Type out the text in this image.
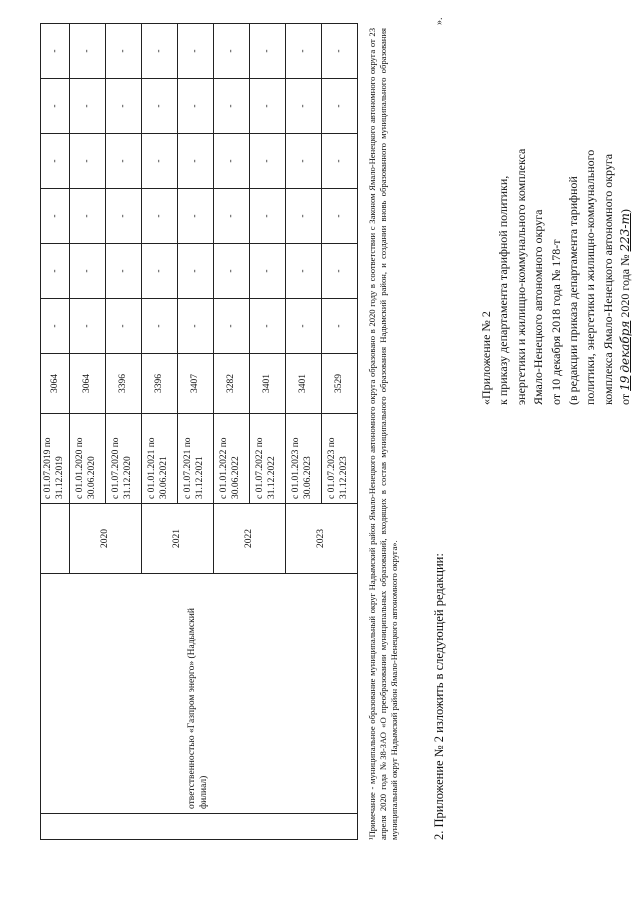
	ответственностью «Газпром энерго» (Надымский филиал)		с 01.07.2019 по 31.12.2019	3064	-	-	-	-	-	-
		2020	с 01.01.2020 по 30.06.2020	3064	-	-	-	-	-	-
			с 01.07.2020 по 31.12.2020	3396	-	-	-	-	-	-
		2021	с 01.01.2021 по 30.06.2021	3396	-	-	-	-	-	-
			с 01.07.2021 по 31.12.2021	3407	-	-	-	-	-	-
		2022	с 01.01.2022 по 30.06.2022	3282	-	-	-	-	-	-
			с 01.07.2022 по 31.12.2022	3401	-	-	-	-	-	-
		2023	с 01.01.2023 по 30.06.2023	3401	-	-	-	-	-	-
			с 01.07.2023 по 31.12.2023	3529	-	-	-	-	-	-	¹Примечание - муниципальное образование муниципальный округ Надымский район Ямало-Ненецкого автономного округа образовано в 2020 году в соответствии с Законом Ямало-Ненецкого автономного округа от 23 апреля 2020 года №38-ЗАО «О преобразовании муниципальных образований, входящих в состав муниципального образования Надымский район, и создании вновь образованного муниципального образования муниципальный округ Надымский район Ямало-Ненецкого автономного округа».
».
2. Приложение № 2 изложить в следующей редакции:
«Приложение № 2 к приказу департамента тарифной политики, энергетики и жилищно-коммунального комплекса Ямало-Ненецкого автономного округа от 10 декабря 2018 года № 178-т (в редакции приказа департамента тарифной политики, энергетики и жилищно-коммунального комплекса Ямало-Ненецкого автономного округа от 19 декабря 2020 года № 223-т)
